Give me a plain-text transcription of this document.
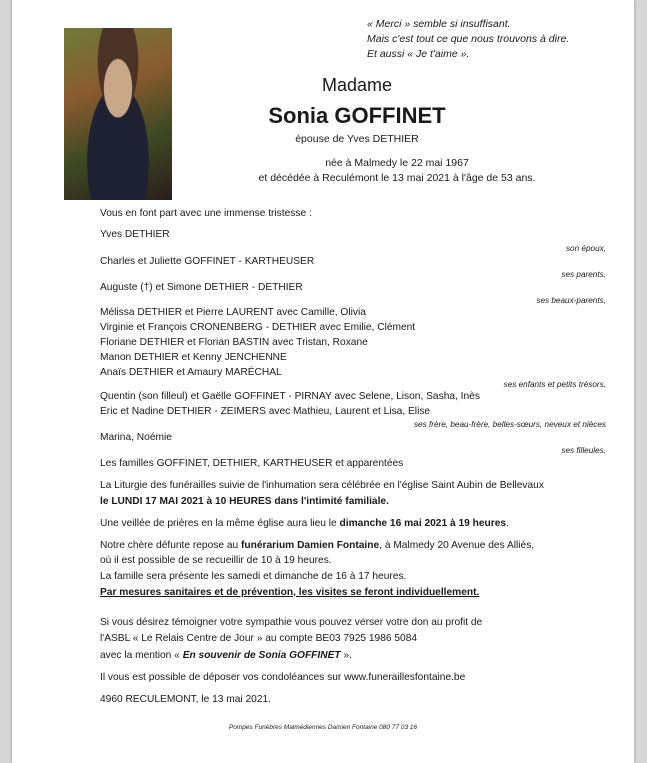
« Merci » semble si insuffisant.
Mais c'est tout ce que nous trouvons à dire.
Et aussi « Je t'aime ».
Madame
Sonia GOFFINET
épouse de Yves DETHIER
née à Malmedy le 22 mai 1967
et décédée à Reculémont le 13 mai 2021 à l'âge de 53 ans.
Vous en font part avec une immense tristesse :
Yves DETHIER
son époux,
Charles et Juliette GOFFINET - KARTHEUSER
ses parents,
Auguste (†) et Simone DETHIER - DETHIER
ses beaux-parents,
Mélissa DETHIER et Pierre LAURENT avec Camille, Olivia
Virginie et François CRONENBERG - DETHIER avec Emilie, Clément
Floriane DETHIER et Florian BASTIN avec Tristan, Roxane
Manon DETHIER et Kenny JENCHENNE
Anaïs DETHIER et Amaury MARÉCHAL
ses enfants et petits trésors,
Quentin (son filleul) et Gaëlle GOFFINET - PIRNAY avec Selene, Lison, Sasha, Inès
Eric et Nadine DETHIER - ZEIMERS avec Mathieu, Laurent et Lisa, Elise
ses frère, beau-frère, belles-sœurs, neveux et nièces
Marina, Noémie
ses filleules,
Les familles GOFFINET, DETHIER, KARTHEUSER et apparentées
La Liturgie des funérailles suivie de l'inhumation sera célébrée en l'église Saint Aubin de Bellevaux
le LUNDI 17 MAI 2021 à 10 HEURES dans l'intimité familiale.
Une veillée de prières en la même église aura lieu le dimanche 16 mai 2021 à 19 heures.
Notre chère défunte repose au funérarium Damien Fontaine, à Malmedy 20 Avenue des Alliés,
où il est possible de se recueillir de 10 à 19 heures.
La famille sera présente les samedi et dimanche de 16 à 17 heures.
Par mesures sanitaires et de prévention, les visites se feront individuellement.
Si vous désirez témoigner votre sympathie vous pouvez verser votre don au profit de
l'ASBL « Le Relais Centre de Jour » au compte BE03 7925 1986 5084
avec la mention « En souvenir de Sonia GOFFINET ».
Il vous est possible de déposer vos condoléances sur www.funeraillesfontaine.be
4960 RECULEMONT, le 13 mai 2021.
Pompes Funèbres Malmédiennes Damien Fontaine 080 77 03 16
